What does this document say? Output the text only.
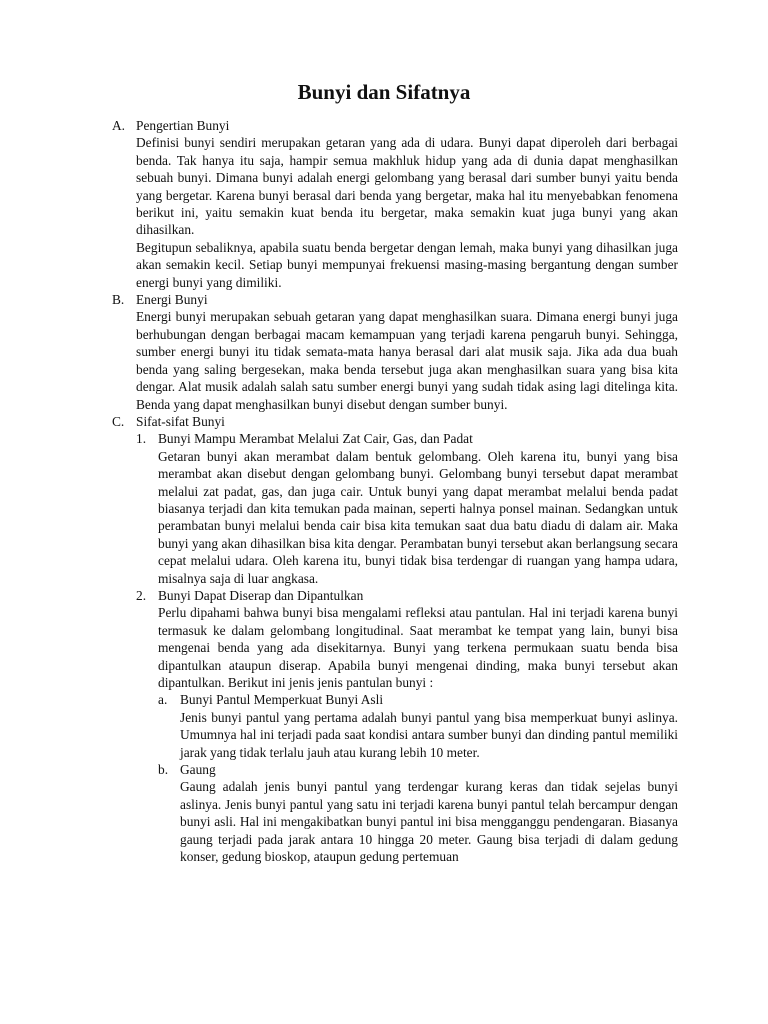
Bunyi dan Sifatnya
A. Pengertian Bunyi

Definisi bunyi sendiri merupakan getaran yang ada di udara. Bunyi dapat diperoleh dari berbagai benda. Tak hanya itu saja, hampir semua makhluk hidup yang ada di dunia dapat menghasilkan sebuah bunyi. Dimana bunyi adalah energi gelombang yang berasal dari sumber bunyi yaitu benda yang bergetar. Karena bunyi berasal dari benda yang bergetar, maka hal itu menyebabkan fenomena berikut ini, yaitu semakin kuat benda itu bergetar, maka semakin kuat juga bunyi yang akan dihasilkan.

Begitupun sebaliknya, apabila suatu benda bergetar dengan lemah, maka bunyi yang dihasilkan juga akan semakin kecil. Setiap bunyi mempunyai frekuensi masing-masing bergantung dengan sumber energi bunyi yang dimiliki.

B. Energi Bunyi

Energi bunyi merupakan sebuah getaran yang dapat menghasilkan suara. Dimana energi bunyi juga berhubungan dengan berbagai macam kemampuan yang terjadi karena pengaruh bunyi. Sehingga, sumber energi bunyi itu tidak semata-mata hanya berasal dari alat musik saja. Jika ada dua buah benda yang saling bergesekan, maka benda tersebut juga akan menghasilkan suara yang bisa kita dengar. Alat musik adalah salah satu sumber energi bunyi yang sudah tidak asing lagi ditelinga kita. Benda yang dapat menghasilkan bunyi disebut dengan sumber bunyi.

C. Sifat-sifat Bunyi
1. Bunyi Mampu Merambat Melalui Zat Cair, Gas, dan Padat

Getaran bunyi akan merambat dalam bentuk gelombang. Oleh karena itu, bunyi yang bisa merambat akan disebut dengan gelombang bunyi. Gelombang bunyi tersebut dapat merambat melalui zat padat, gas, dan juga cair. Untuk bunyi yang dapat merambat melalui benda padat biasanya terjadi dan kita temukan pada mainan, seperti halnya ponsel mainan. Sedangkan untuk perambatan bunyi melalui benda cair bisa kita temukan saat dua batu diadu di dalam air. Maka bunyi yang akan dihasilkan bisa kita dengar. Perambatan bunyi tersebut akan berlangsung secara cepat melalui udara. Oleh karena itu, bunyi tidak bisa terdengar di ruangan yang hampa udara, misalnya saja di luar angkasa.

2. Bunyi Dapat Diserap dan Dipantulkan

Perlu dipahami bahwa bunyi bisa mengalami refleksi atau pantulan. Hal ini terjadi karena bunyi termasuk ke dalam gelombang longitudinal. Saat merambat ke tempat yang lain, bunyi bisa mengenai benda yang ada disekitarnya. Bunyi yang terkena permukaan suatu benda bisa dipantulkan ataupun diserap. Apabila bunyi mengenai dinding, maka bunyi tersebut akan dipantulkan. Berikut ini jenis jenis pantulan bunyi :

a. Bunyi Pantul Memperkuat Bunyi Asli

Jenis bunyi pantul yang pertama adalah bunyi pantul yang bisa memperkuat bunyi aslinya. Umumnya hal ini terjadi pada saat kondisi antara sumber bunyi dan dinding pantul memiliki jarak yang tidak terlalu jauh atau kurang lebih 10 meter.

b. Gaung

Gaung adalah jenis bunyi pantul yang terdengar kurang keras dan tidak sejelas bunyi aslinya. Jenis bunyi pantul yang satu ini terjadi karena bunyi pantul telah bercampur dengan bunyi asli. Hal ini mengakibatkan bunyi pantul ini bisa mengganggu pendengaran. Biasanya gaung terjadi pada jarak antara 10 hingga 20 meter. Gaung bisa terjadi di dalam gedung konser, gedung bioskop, ataupun gedung pertemuan
